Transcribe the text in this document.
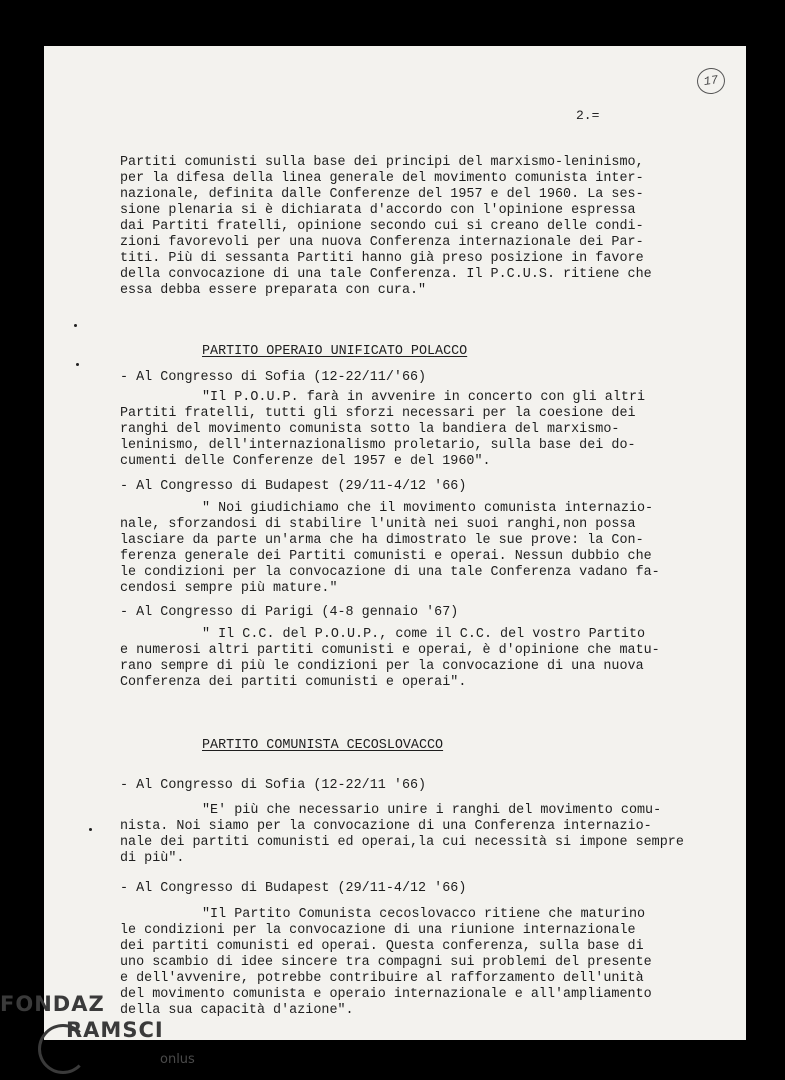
17
2.=
Partiti comunisti sulla base dei principi del marxismo-leninismo,
per la difesa della linea generale del movimento comunista inter-
nazionale, definita dalle Conferenze del 1957 e del 1960. La ses-
sione plenaria si è dichiarata d'accordo con l'opinione espressa
dai Partiti fratelli, opinione secondo cui si creano delle condi-
zioni favorevoli per una nuova Conferenza internazionale dei Par-
titi. Più di sessanta Partiti hanno già preso posizione in favore
della convocazione di una tale Conferenza. Il P.C.U.S. ritiene che
essa debba essere preparata con cura."
PARTITO OPERAIO UNIFICATO POLACCO
- Al Congresso di Sofia (12-22/11/'66)
"Il P.O.U.P. farà in avvenire in concerto con gli altri
Partiti fratelli, tutti gli sforzi necessari per la coesione dei
ranghi del movimento comunista sotto la bandiera del marxismo-
leninismo, dell'internazionalismo proletario, sulla base dei do-
cumenti delle Conferenze del 1957 e del 1960".
- Al Congresso di Budapest (29/11-4/12 '66)
" Noi giudichiamo che il movimento comunista internazio-
nale, sforzandosi di stabilire l'unità nei suoi ranghi,non possa
lasciare da parte un'arma che ha dimostrato le sue prove: la Con-
ferenza generale dei Partiti comunisti e operai. Nessun dubbio che
le condizioni per la convocazione di una tale Conferenza vadano fa-
cendosi sempre più mature."
- Al Congresso di Parigi (4-8 gennaio '67)
" Il C.C. del P.O.U.P., come il C.C. del vostro Partito
e numerosi altri partiti comunisti e operai, è d'opinione che matu-
rano sempre di più le condizioni per la convocazione di una nuova
Conferenza dei partiti comunisti e operai".
PARTITO COMUNISTA CECOSLOVACCO
- Al Congresso di Sofia (12-22/11 '66)
"E' più che necessario unire i ranghi del movimento comu-
nista. Noi siamo per la convocazione di una Conferenza internazio-
nale dei partiti comunisti ed operai,la cui necessità si impone sempre
di più".
- Al Congresso di Budapest (29/11-4/12 '66)
"Il Partito Comunista cecoslovacco ritiene che maturino
le condizioni per la convocazione di una riunione internazionale
dei partiti comunisti ed operai. Questa conferenza, sulla base di
uno scambio di idee sincere tra compagni sui problemi del presente
e dell'avvenire, potrebbe contribuire al rafforzamento dell'unità
del movimento comunista e operaio internazionale e all'ampliamento
della sua capacità d'azione".
FONDAZ
RAMSCI
onlus
